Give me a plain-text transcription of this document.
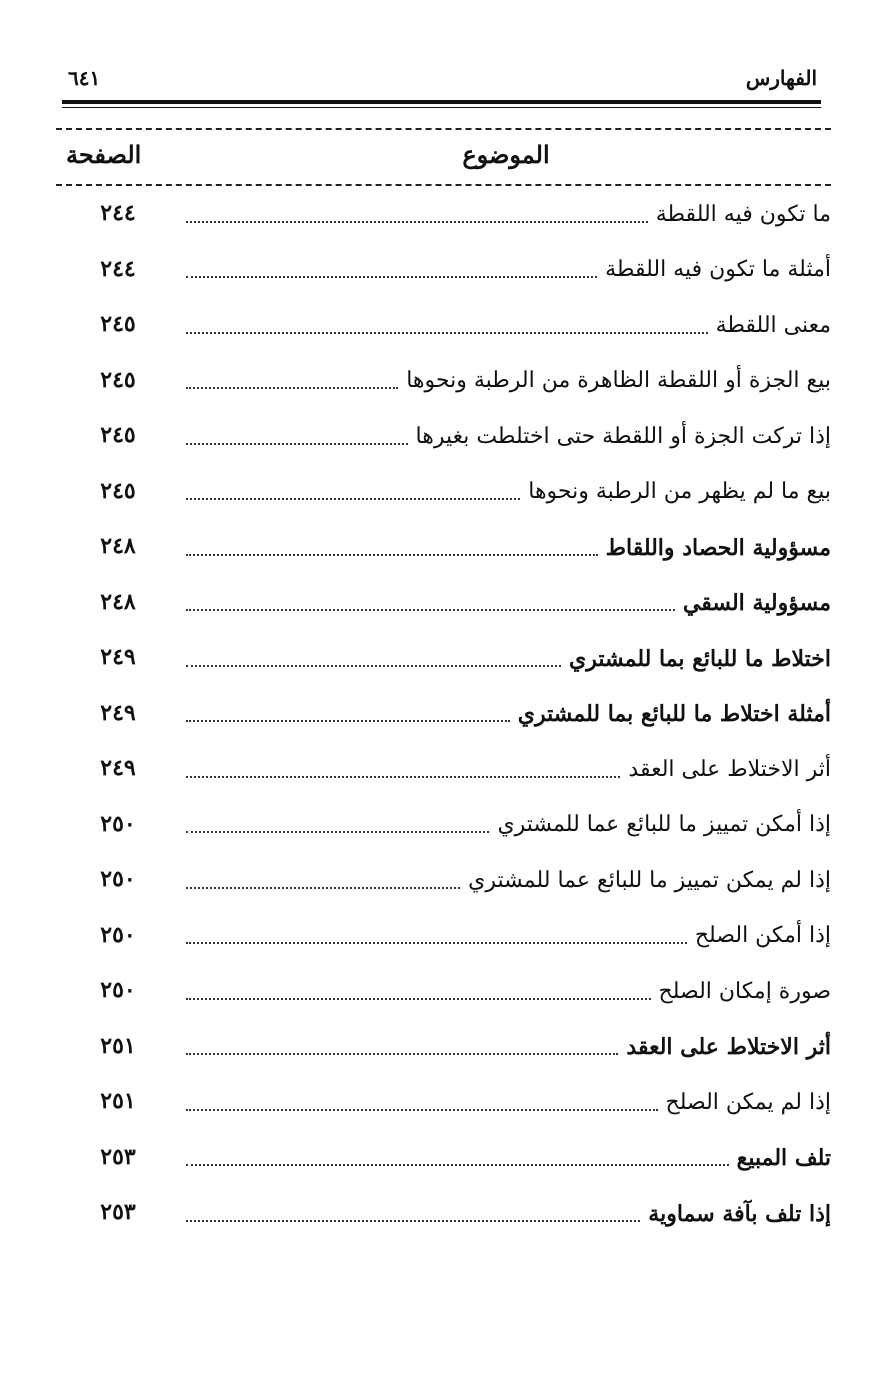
الفهارس
٦٤١
الموضوع
الصفحة
ما تكون فيه اللقطة
٢٤٤
أمثلة ما تكون فيه اللقطة
٢٤٤
معنى اللقطة
٢٤٥
بيع الجزة أو اللقطة الظاهرة من الرطبة ونحوها
٢٤٥
إذا تركت الجزة أو اللقطة حتى اختلطت بغيرها
٢٤٥
بيع ما لم يظهر من الرطبة ونحوها
٢٤٥
مسؤولية الحصاد واللقاط
٢٤٨
مسؤولية السقي
٢٤٨
اختلاط ما للبائع بما للمشتري
٢٤٩
أمثلة اختلاط ما للبائع بما للمشتري
٢٤٩
أثر الاختلاط على العقد
٢٤٩
إذا أمكن تمييز ما للبائع عما للمشتري
٢٥٠
إذا لم يمكن تمييز ما للبائع عما للمشتري
٢٥٠
إذا أمكن الصلح
٢٥٠
صورة إمكان الصلح
٢٥٠
أثر الاختلاط على العقد
٢٥١
إذا لم يمكن الصلح
٢٥١
تلف المبيع
٢٥٣
إذا تلف بآفة سماوية
٢٥٣
